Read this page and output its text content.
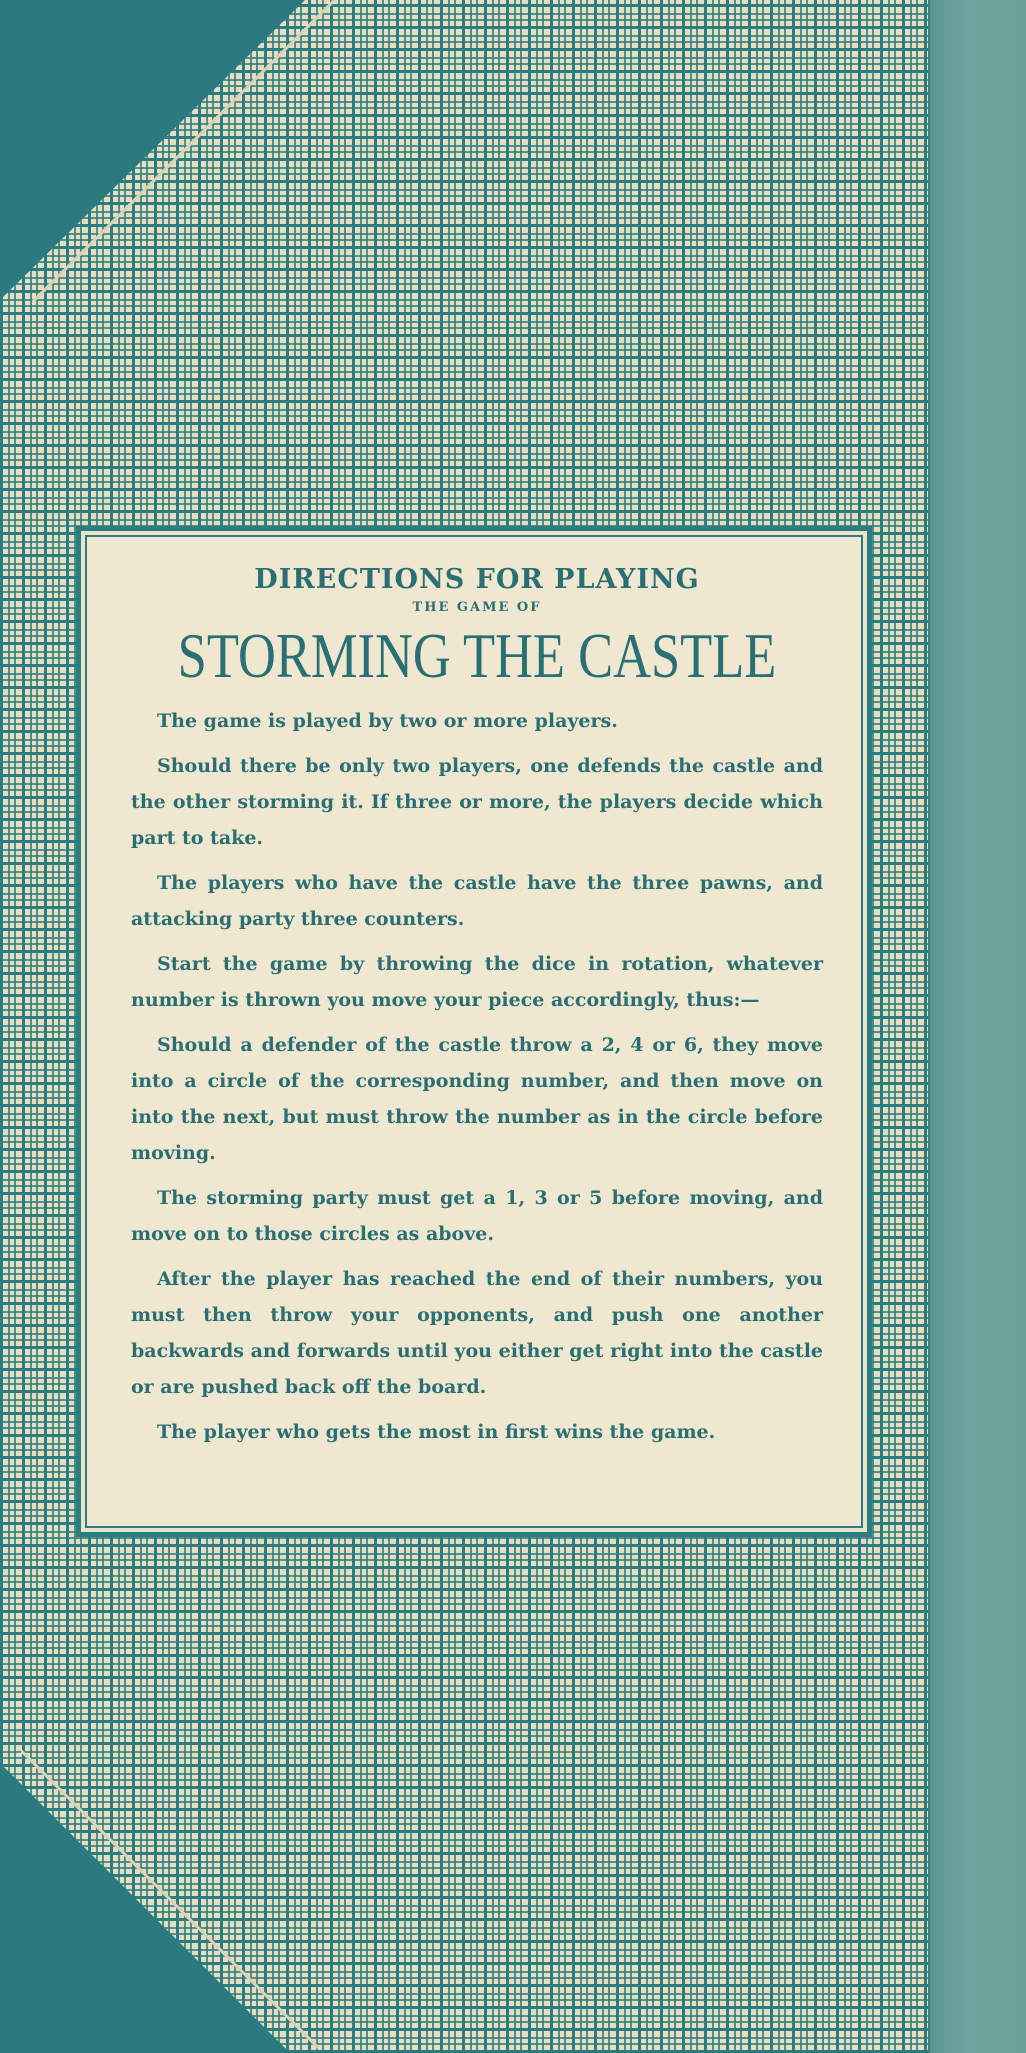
DIRECTIONS FOR PLAYING
THE GAME OF
STORMING THE CASTLE

The game is played by two or more players.

Should there be only two players, one defends the castle and the other storming it. If three or more, the players decide which part to take.

The players who have the castle have the three pawns, and attacking party three counters.

Start the game by throwing the dice in rotation, whatever number is thrown you move your piece accordingly, thus:—

Should a defender of the castle throw a 2, 4 or 6, they move into a circle of the corresponding number, and then move on into the next, but must throw the number as in the circle before moving.

The storming party must get a 1, 3 or 5 before moving, and move on to those circles as above.

After the player has reached the end of their numbers, you must then throw your opponents, and push one another backwards and forwards until you either get right into the castle or are pushed back off the board.

The player who gets the most in first wins the game.
